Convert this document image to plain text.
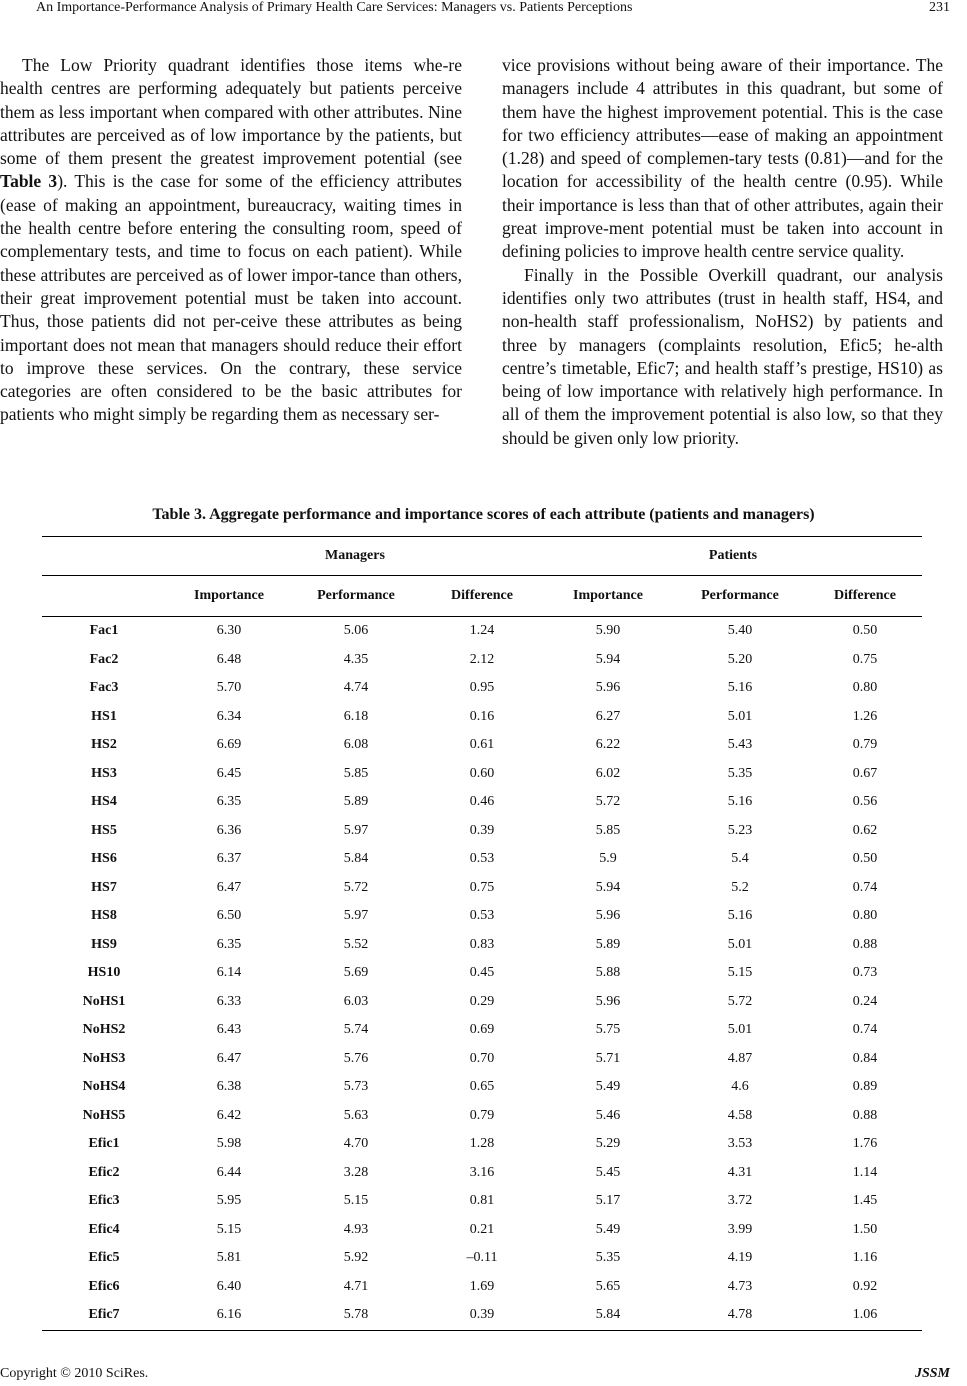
An Importance-Performance Analysis of Primary Health Care Services: Managers vs. Patients Perceptions	231

The Low Priority quadrant identifies those items whe-re health centres are performing adequately but patients perceive them as less important when compared with other attributes. Nine attributes are perceived as of low importance by the patients, but some of them present the greatest improvement potential (see Table 3). This is the case for some of the efficiency attributes (ease of making an appointment, bureaucracy, waiting times in the health centre before entering the consulting room, speed of complementary tests, and time to focus on each patient). While these attributes are perceived as of lower impor-tance than others, their great improvement potential must be taken into account. Thus, those patients did not per-ceive these attributes as being important does not mean that managers should reduce their effort to improve these services. On the contrary, these service categories are often considered to be the basic attributes for patients who might simply be regarding them as necessary ser-

vice provisions without being aware of their importance. The managers include 4 attributes in this quadrant, but some of them have the highest improvement potential. This is the case for two efficiency attributes―ease of making an appointment (1.28) and speed of complemen-tary tests (0.81)―and for the location for accessibility of the health centre (0.95). While their importance is less than that of other attributes, again their great improve-ment potential must be taken into account in defining policies to improve health centre service quality.

Finally in the Possible Overkill quadrant, our analysis identifies only two attributes (trust in health staff, HS4, and non-health staff professionalism, NoHS2) by patients and three by managers (complaints resolution, Efic5; he-alth centre’s timetable, Efic7; and health staff’s prestige, HS10) as being of low importance with relatively high performance. In all of them the improvement potential is also low, so that they should be given only low priority.

Table 3. Aggregate performance and importance scores of each attribute (patients and managers)
	Managers			Patients		
	Importance	Performance	Difference	Importance	Performance	Difference
Fac1	6.30	5.06	1.24	5.90	5.40	0.50
Fac2	6.48	4.35	2.12	5.94	5.20	0.75
Fac3	5.70	4.74	0.95	5.96	5.16	0.80
HS1	6.34	6.18	0.16	6.27	5.01	1.26
HS2	6.69	6.08	0.61	6.22	5.43	0.79
HS3	6.45	5.85	0.60	6.02	5.35	0.67
HS4	6.35	5.89	0.46	5.72	5.16	0.56
HS5	6.36	5.97	0.39	5.85	5.23	0.62
HS6	6.37	5.84	0.53	5.9	5.4	0.50
HS7	6.47	5.72	0.75	5.94	5.2	0.74
HS8	6.50	5.97	0.53	5.96	5.16	0.80
HS9	6.35	5.52	0.83	5.89	5.01	0.88
HS10	6.14	5.69	0.45	5.88	5.15	0.73
NoHS1	6.33	6.03	0.29	5.96	5.72	0.24
NoHS2	6.43	5.74	0.69	5.75	5.01	0.74
NoHS3	6.47	5.76	0.70	5.71	4.87	0.84
NoHS4	6.38	5.73	0.65	5.49	4.6	0.89
NoHS5	6.42	5.63	0.79	5.46	4.58	0.88
Efic1	5.98	4.70	1.28	5.29	3.53	1.76
Efic2	6.44	3.28	3.16	5.45	4.31	1.14
Efic3	5.95	5.15	0.81	5.17	3.72	1.45
Efic4	5.15	4.93	0.21	5.49	3.99	1.50
Efic5	5.81	5.92	–0.11	5.35	4.19	1.16
Efic6	6.40	4.71	1.69	5.65	4.73	0.92
Efic7	6.16	5.78	0.39	5.84	4.78	1.06
Copyright © 2010 SciRes.	JSSM
